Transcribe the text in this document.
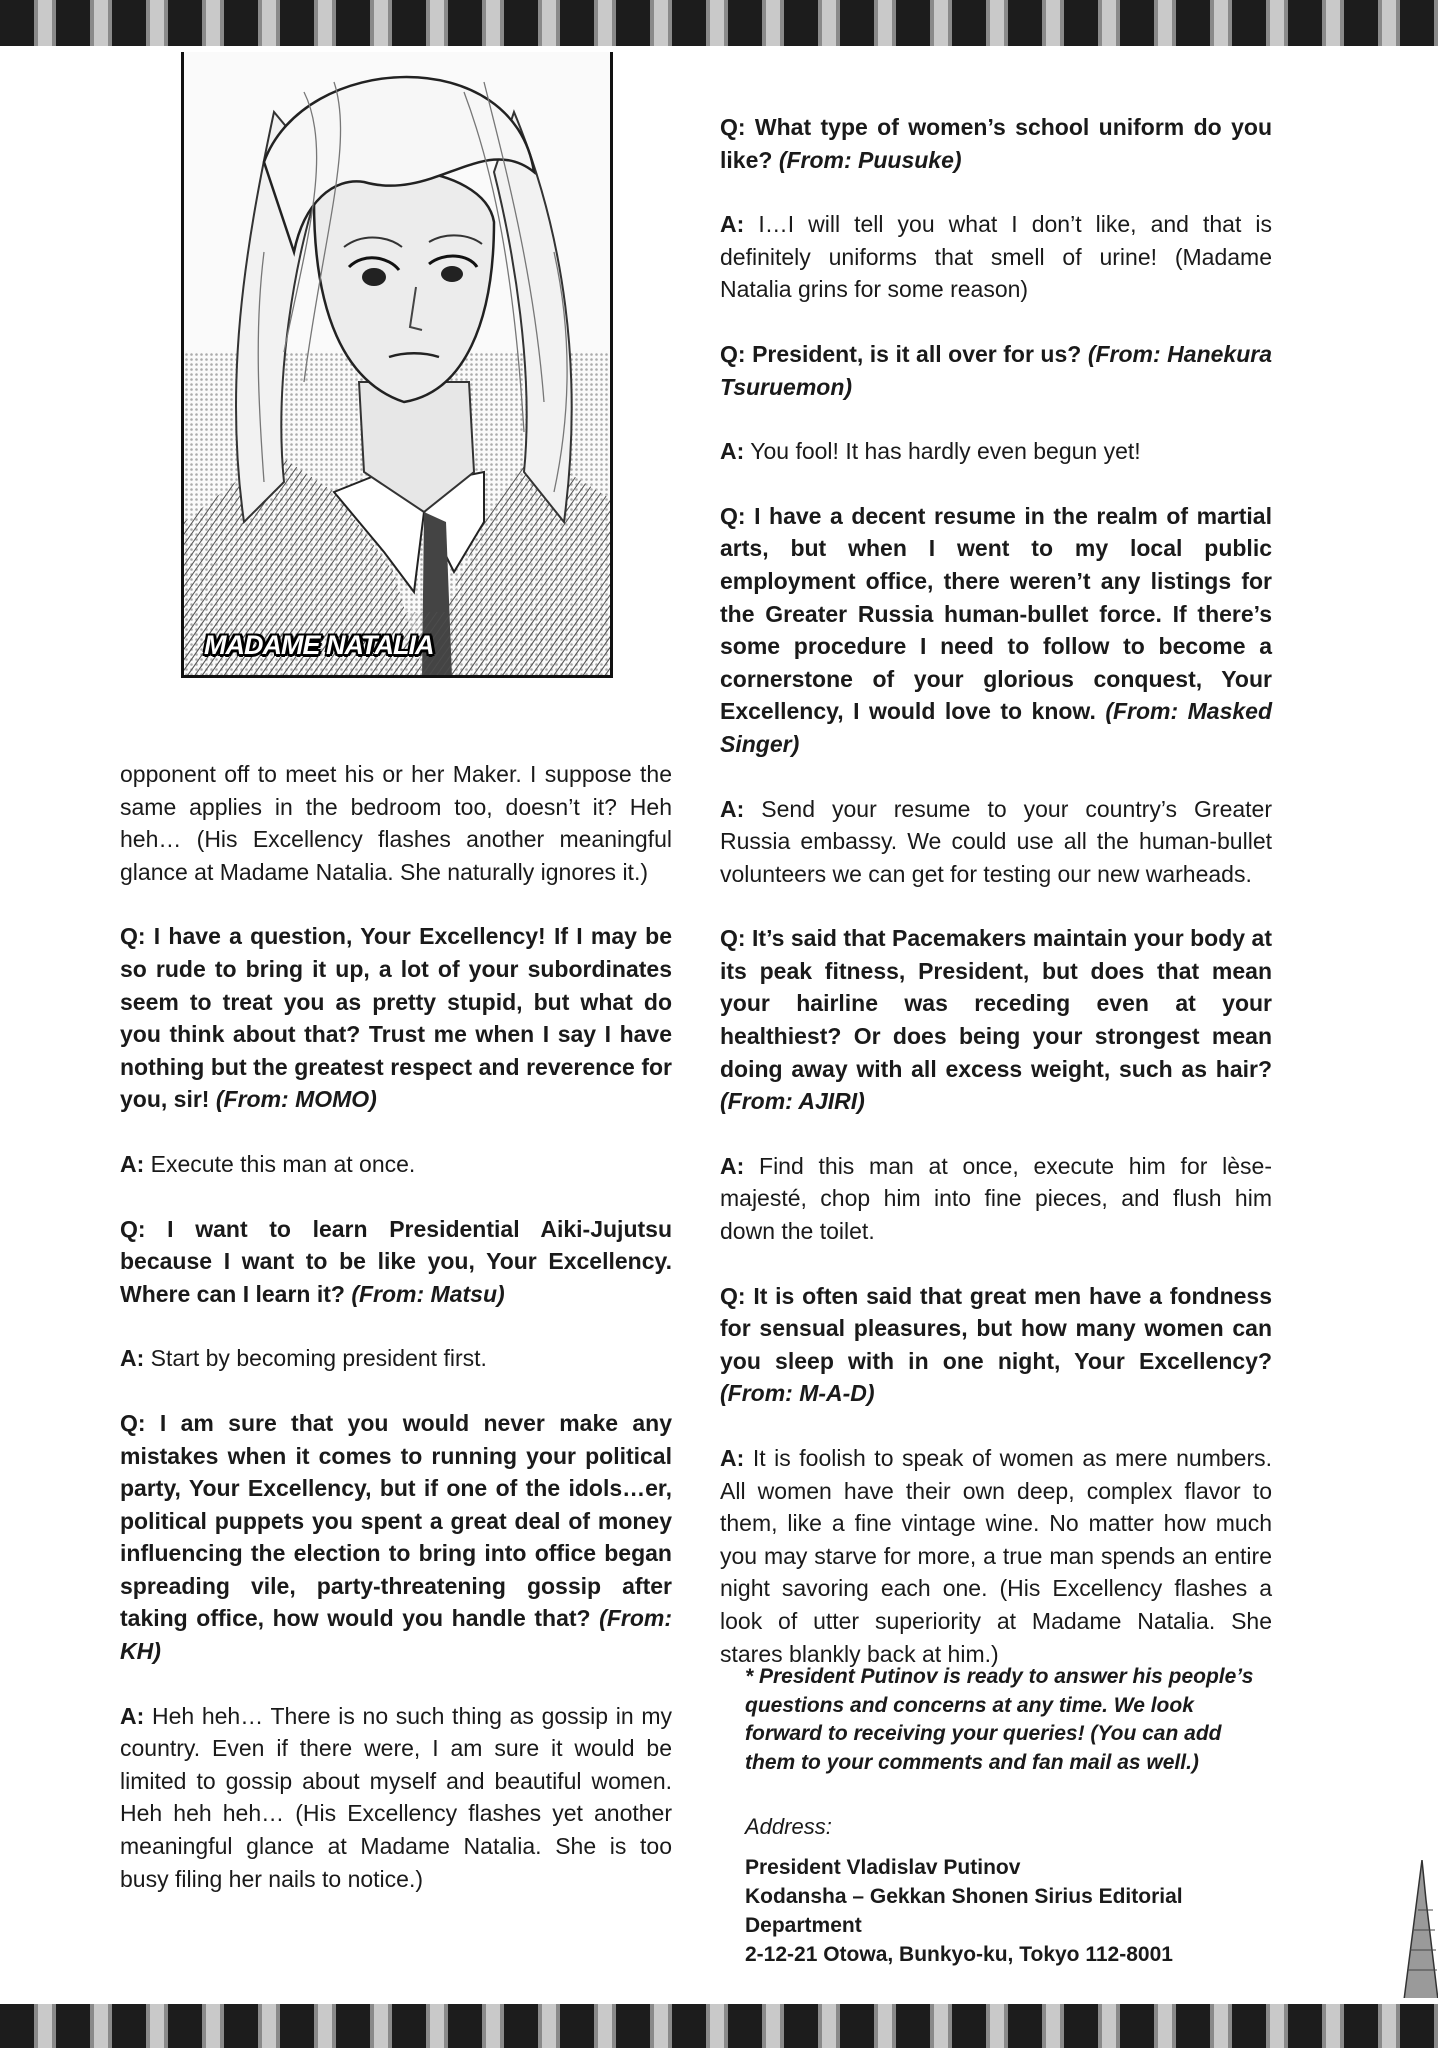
MADAME NATALIA

Q: What type of women’s school uniform do you like? (From: Puusuke)

A: I…I will tell you what I don’t like, and that is definitely uniforms that smell of urine! (Madame Natalia grins for some reason)

Q: President, is it all over for us? (From: Hanekura Tsuruemon)

A: You fool! It has hardly even begun yet!

Q: I have a decent resume in the realm of martial arts, but when I went to my local public employment office, there weren’t any listings for the Greater Russia human-bullet force. If there’s some procedure I need to follow to become a cornerstone of your glorious conquest, Your Excellency, I would love to know. (From: Masked Singer)

A: Send your resume to your country’s Greater Russia embassy. We could use all the human-bullet volunteers we can get for testing our new warheads.

Q: It’s said that Pacemakers maintain your body at its peak fitness, President, but does that mean your hairline was receding even at your healthiest? Or does being your strongest mean doing away with all excess weight, such as hair? (From: AJIRI)

A: Find this man at once, execute him for lèse-majesté, chop him into fine pieces, and flush him down the toilet.

Q: It is often said that great men have a fondness for sensual pleasures, but how many women can you sleep with in one night, Your Excellency? (From: M-A-D)

A: It is foolish to speak of women as mere numbers. All women have their own deep, complex flavor to them, like a fine vintage wine. No matter how much you may starve for more, a true man spends an entire night savoring each one. (His Excellency flashes a look of utter superiority at Madame Natalia. She stares blankly back at him.)

opponent off to meet his or her Maker. I suppose the same applies in the bedroom too, doesn’t it? Heh heh… (His Excellency flashes another meaningful glance at Madame Natalia. She naturally ignores it.)

Q: I have a question, Your Excellency! If I may be so rude to bring it up, a lot of your subordinates seem to treat you as pretty stupid, but what do you think about that? Trust me when I say I have nothing but the greatest respect and reverence for you, sir! (From: MOMO)

A: Execute this man at once.

Q: I want to learn Presidential Aiki-Jujutsu because I want to be like you, Your Excellency. Where can I learn it? (From: Matsu)

A: Start by becoming president first.

Q: I am sure that you would never make any mistakes when it comes to running your political party, Your Excellency, but if one of the idols…er, political puppets you spent a great deal of money influencing the election to bring into office began spreading vile, party-threatening gossip after taking office, how would you handle that? (From: KH)

A: Heh heh… There is no such thing as gossip in my country. Even if there were, I am sure it would be limited to gossip about myself and beautiful women. Heh heh heh… (His Excellency flashes yet another meaningful glance at Madame Natalia. She is too busy filing her nails to notice.)

* President Putinov is ready to answer his people’s questions and concerns at any time. We look forward to receiving your queries! (You can add them to your comments and fan mail as well.)
Address:
President Vladislav Putinov
Kodansha – Gekkan Shonen Sirius Editorial Department
2-12-21 Otowa, Bunkyo-ku, Tokyo 112-8001
